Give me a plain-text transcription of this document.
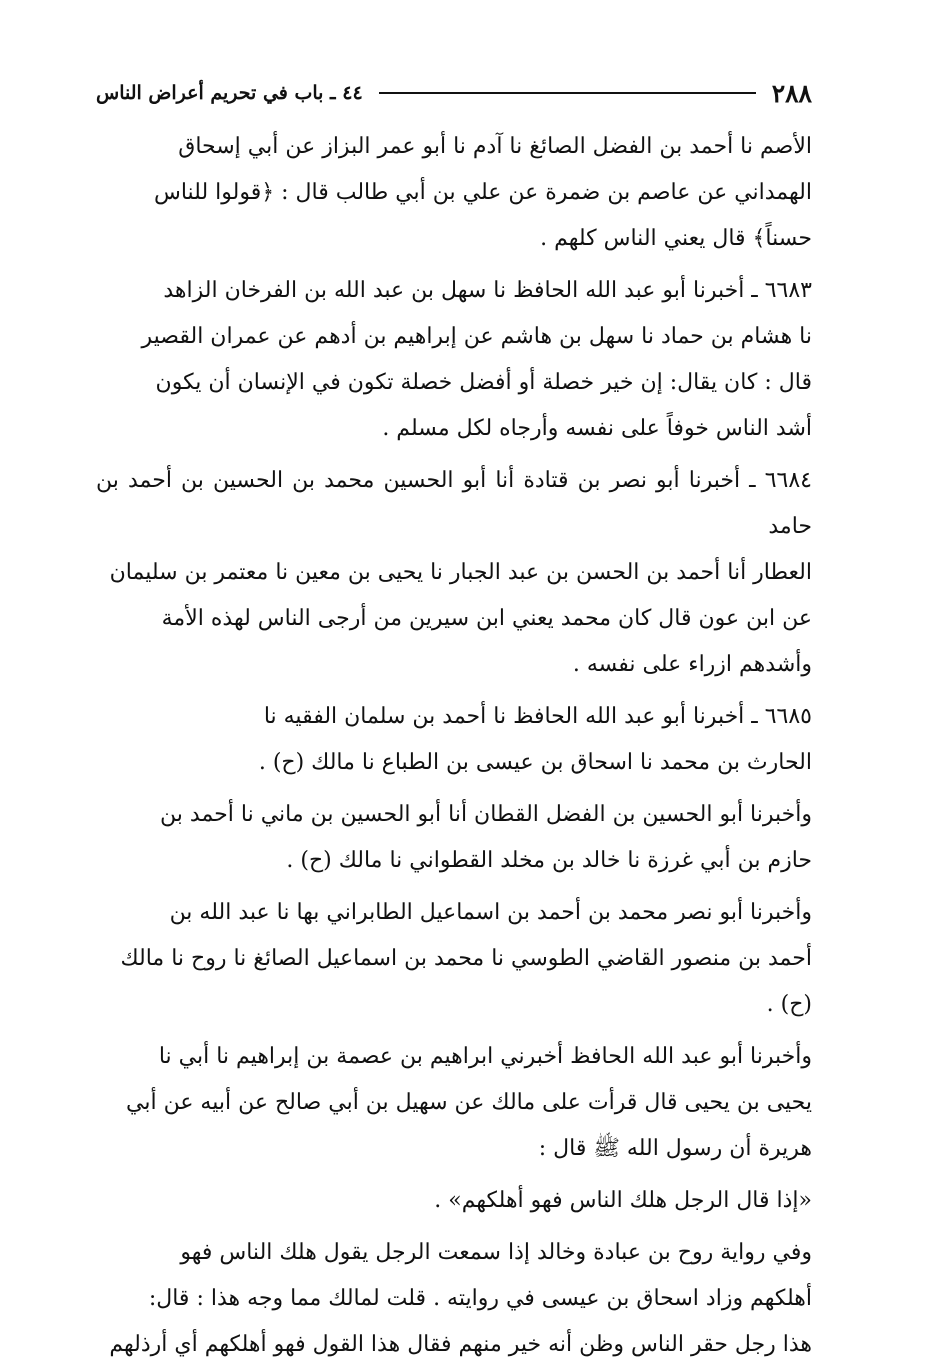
٢٨٨
٤٤ ـ باب في تحريم أعراض الناس

الأصم نا أحمد بن الفضل الصائغ نا آدم نا أبو عمر البزاز عن أبي إسحاق
الهمداني عن عاصم بن ضمرة عن علي بن أبي طالب قال : ﴿قولوا للناس
حسناً﴾ قال يعني الناس كلهم .

٦٦٨٣ ـ أخبرنا أبو عبد الله الحافظ نا سهل بن عبد الله بن الفرخان الزاهد
نا هشام بن حماد نا سهل بن هاشم عن إبراهيم بن أدهم عن عمران القصير
قال : كان يقال: إن خير خصلة أو أفضل خصلة تكون في الإنسان أن يكون
أشد الناس خوفاً على نفسه وأرجاه لكل مسلم .

٦٦٨٤ ـ أخبرنا أبو نصر بن قتادة أنا أبو الحسين محمد بن الحسين بن أحمد بن حامد
العطار أنا أحمد بن الحسن بن عبد الجبار نا يحيى بن معين نا معتمر بن سليمان
عن ابن عون قال كان محمد يعني ابن سيرين من أرجى الناس لهذه الأمة
وأشدهم ازراء على نفسه .

٦٦٨٥ ـ أخبرنا أبو عبد الله الحافظ نا أحمد بن سلمان الفقيه نا
الحارث بن محمد نا اسحاق بن عيسى بن الطباع نا مالك (ح) .

وأخبرنا أبو الحسين بن الفضل القطان أنا أبو الحسين بن ماني نا أحمد بن
حازم بن أبي غرزة نا خالد بن مخلد القطواني نا مالك (ح) .

وأخبرنا أبو نصر محمد بن أحمد بن اسماعيل الطابراني بها نا عبد الله بن
أحمد بن منصور القاضي الطوسي نا محمد بن اسماعيل الصائغ نا روح نا مالك
(ح) .

وأخبرنا أبو عبد الله الحافظ أخبرني ابراهيم بن عصمة بن إبراهيم نا أبي نا
يحيى بن يحيى قال قرأت على مالك عن سهيل بن أبي صالح عن أبيه عن أبي
هريرة أن رسول الله ﷺ قال :

«إذا قال الرجل هلك الناس فهو أهلكهم» .

وفي رواية روح بن عبادة وخالد إذا سمعت الرجل يقول هلك الناس فهو
أهلكهم وزاد اسحاق بن عيسى في روايته . قلت لمالك مما وجه هذا : قال:
هذا رجل حقر الناس وظن أنه خير منهم فقال هذا القول فهو أهلكهم أي أرذلهم
